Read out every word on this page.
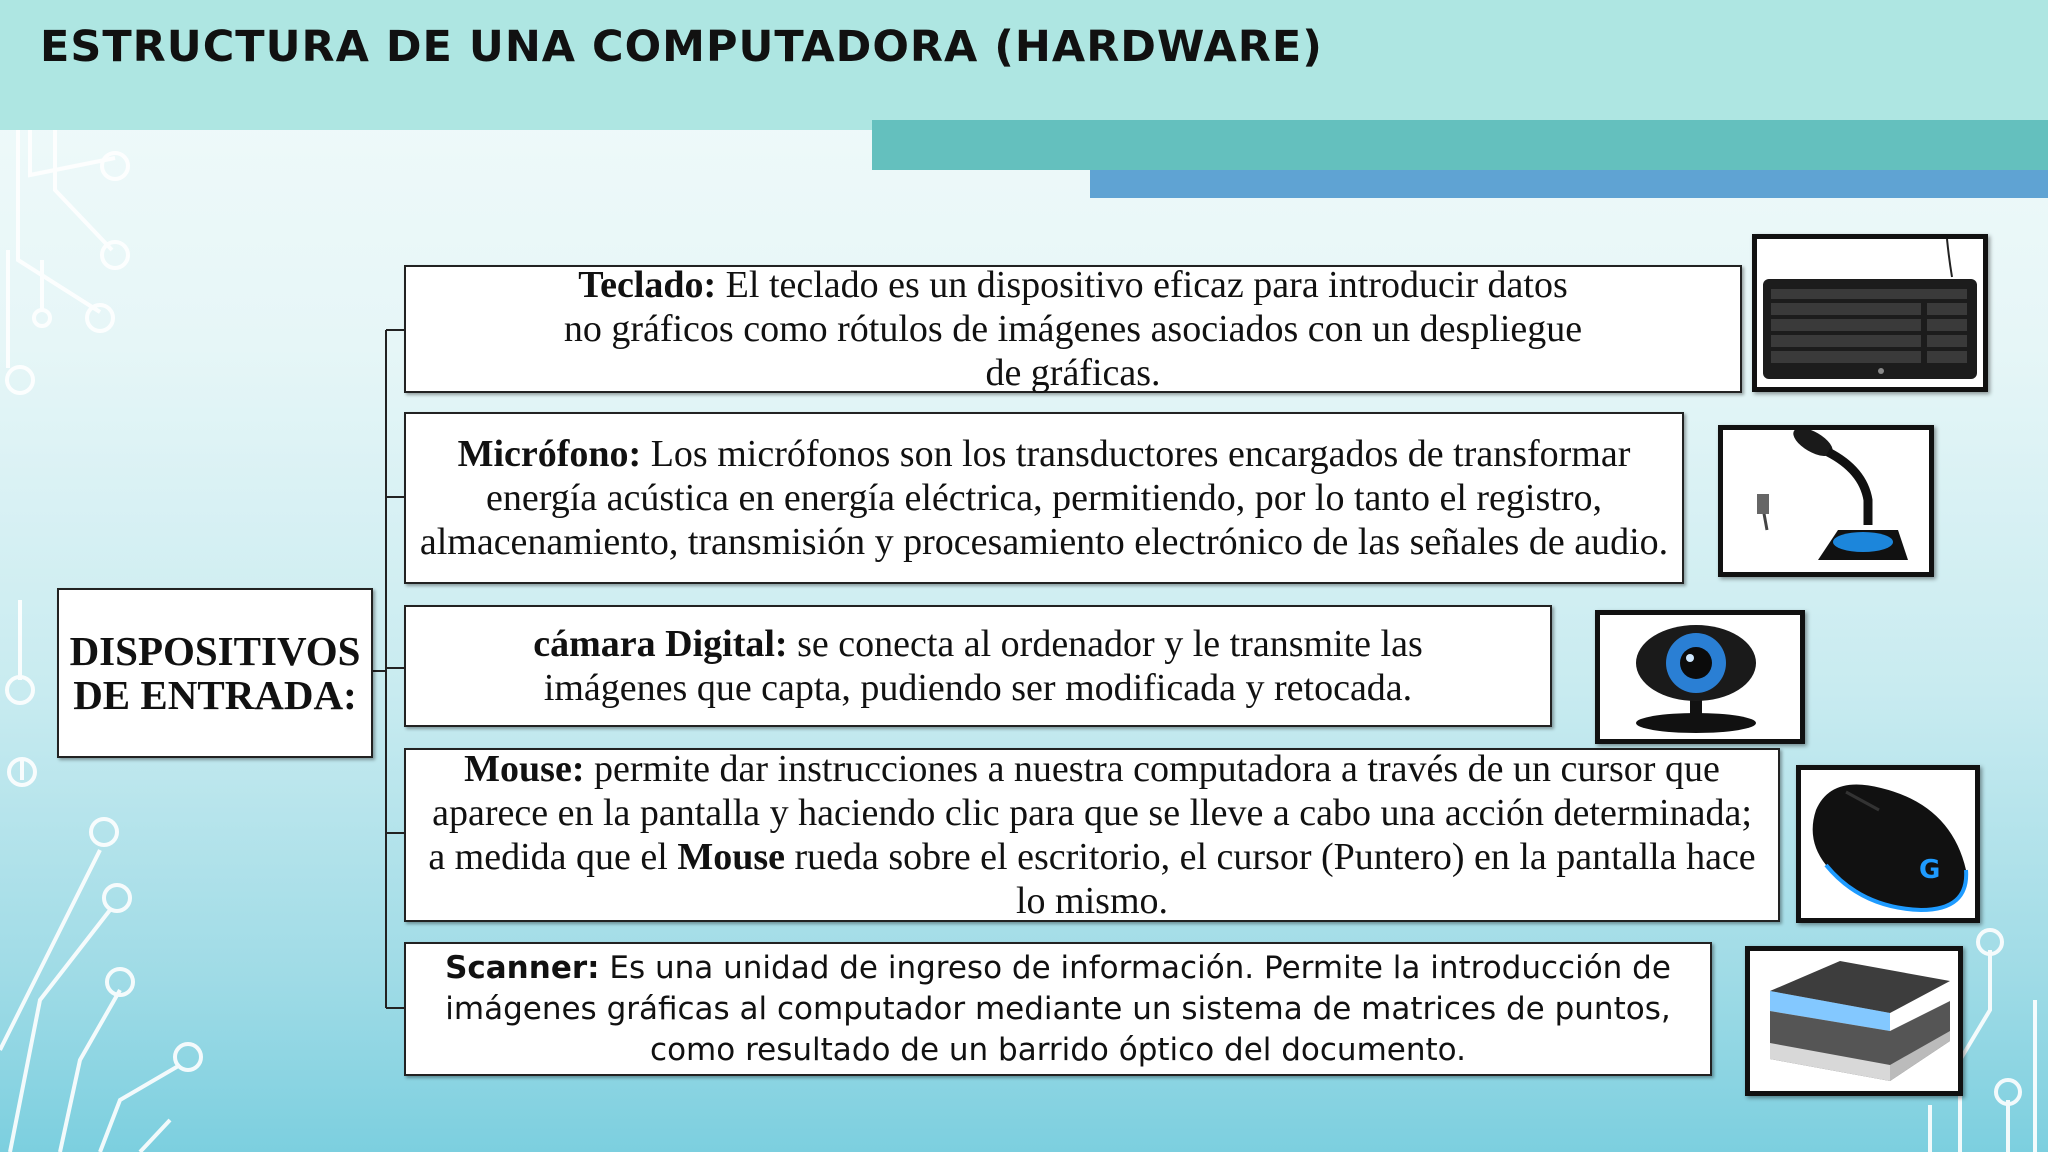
ESTRUCTURA DE UNA COMPUTADORA (HARDWARE)
DISPOSITIVOS
DE ENTRADA:
Teclado: El teclado es un dispositivo eficaz para introducir datos no gráficos como rótulos de imágenes asociados con un despliegue de gráficas.
Micrófono: Los micrófonos son los transductores encargados de transformar energía acústica en energía eléctrica, permitiendo, por lo tanto el registro, almacenamiento, transmisión y procesamiento electrónico de las señales de audio.
cámara Digital: se conecta al ordenador y le transmite las imágenes que capta, pudiendo ser modificada y retocada.
Mouse: permite dar instrucciones a nuestra computadora a través de un cursor que aparece en la pantalla y haciendo clic para que se lleve a cabo una acción determinada; a medida que el Mouse rueda sobre el escritorio, el cursor (Puntero) en la pantalla hace lo mismo.
Scanner: Es una unidad de ingreso de información. Permite la introducción de imágenes gráficas al computador mediante un sistema de matrices de puntos, como resultado de un barrido óptico del documento.
G
